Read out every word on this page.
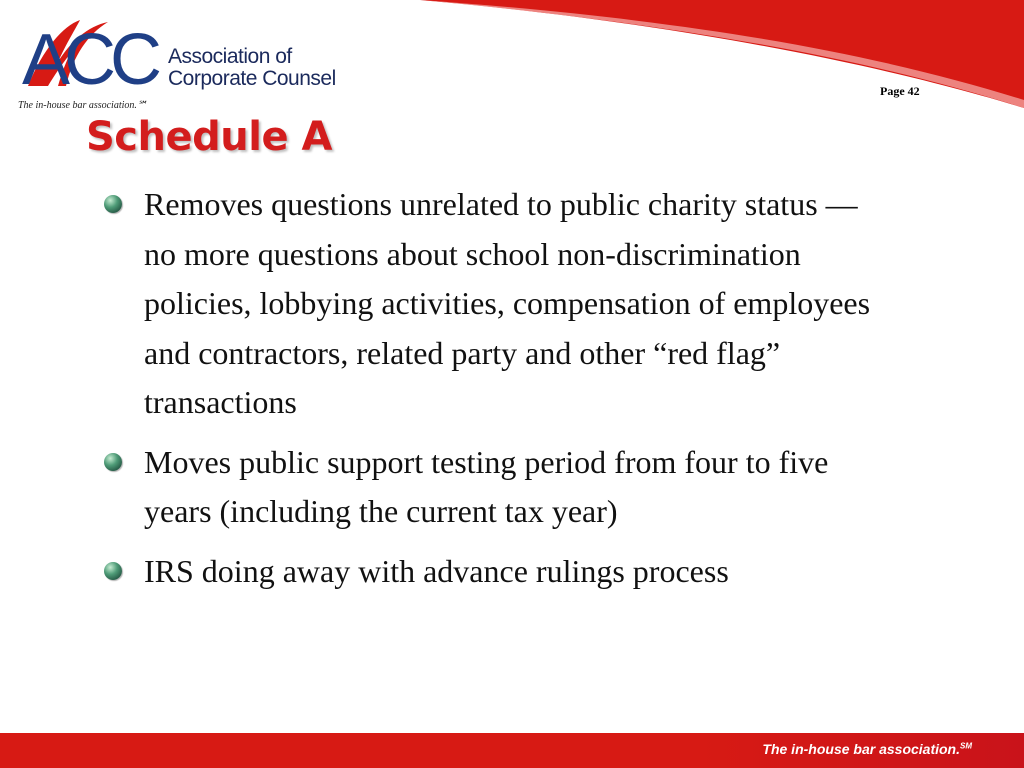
ACC Association of
Corporate Counsel
The in-house bar association.℠
Page 42
Schedule A
Removes questions unrelated to public charity status — no more questions about school non-discrimination policies, lobbying activities, compensation of employees and contractors, related party and other “red flag” transactions
Moves public support testing period from four to five years (including the current tax year)
IRS doing away with advance rulings process
The in-house bar association.℠
